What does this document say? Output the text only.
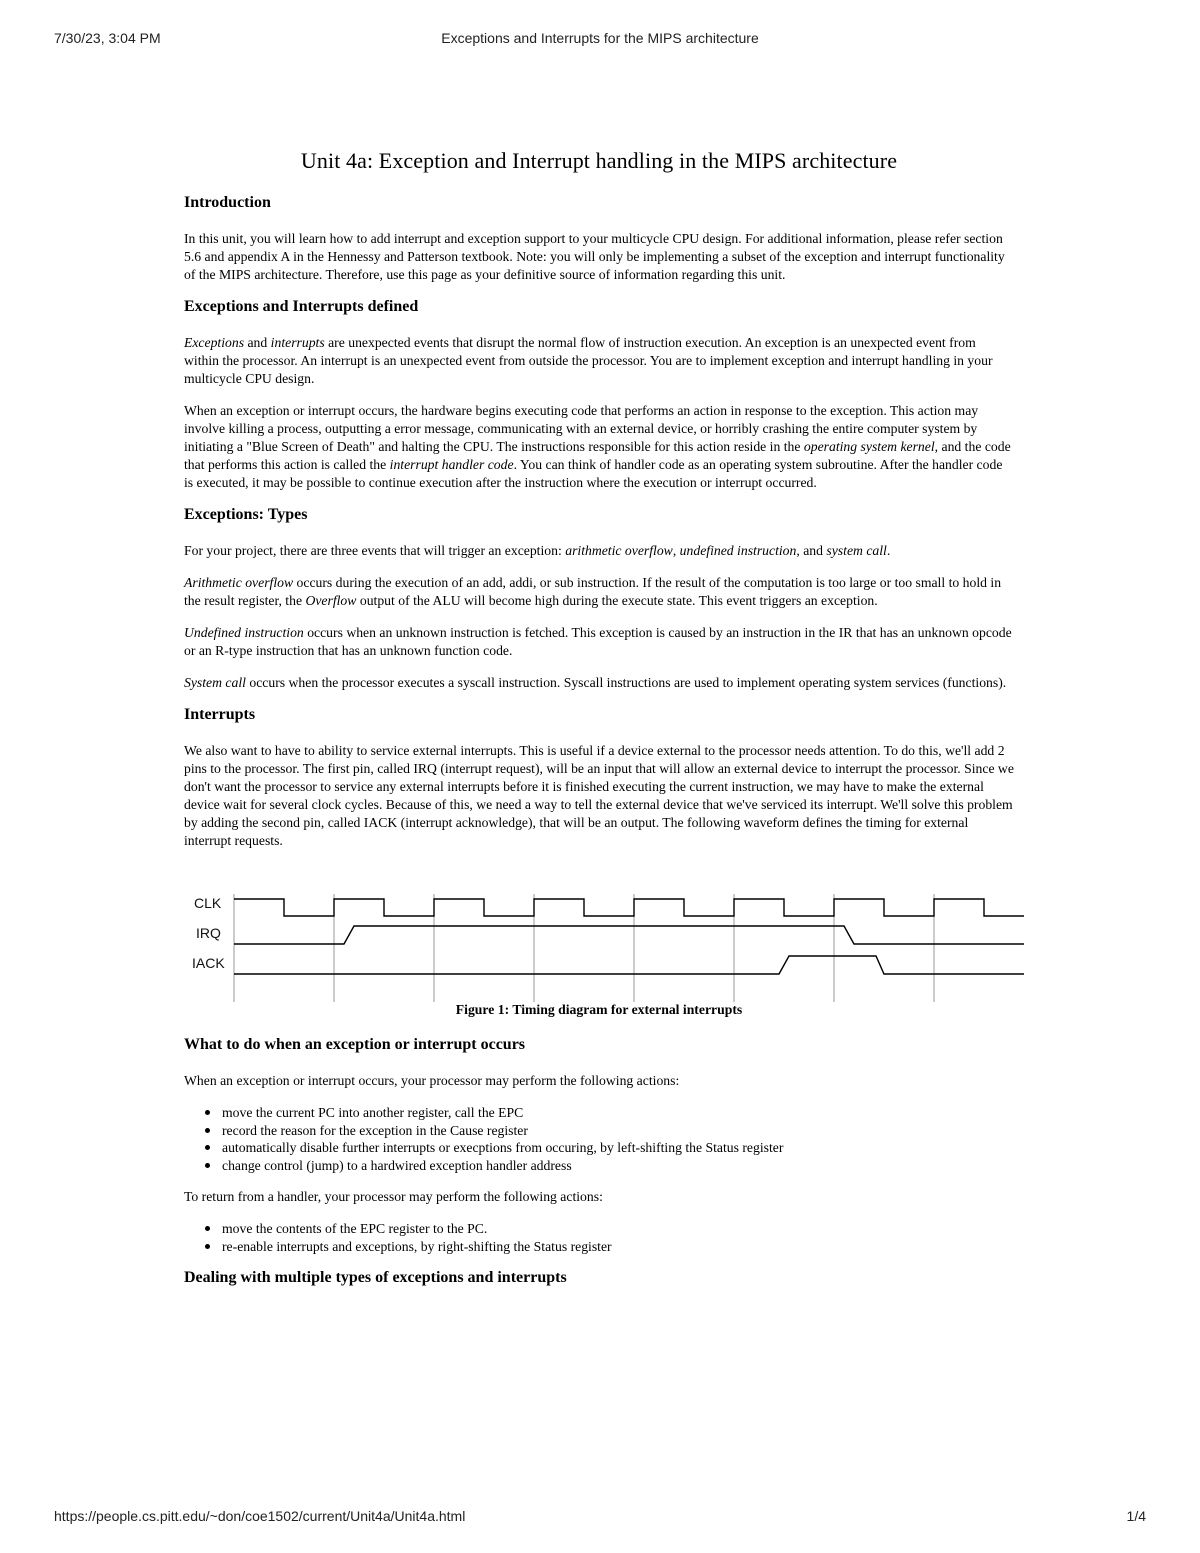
7/30/23, 3:04 PM	Exceptions and Interrupts for the MIPS architecture
Unit 4a: Exception and Interrupt handling in the MIPS architecture
Introduction

In this unit, you will learn how to add interrupt and exception support to your multicycle CPU design. For additional information, please refer section 5.6 and appendix A in the Hennessy and Patterson textbook. Note: you will only be implementing a subset of the exception and interrupt functionality of the MIPS architecture. Therefore, use this page as your definitive source of information regarding this unit.

Exceptions and Interrupts defined

Exceptions and interrupts are unexpected events that disrupt the normal flow of instruction execution. An exception is an unexpected event from within the processor. An interrupt is an unexpected event from outside the processor. You are to implement exception and interrupt handling in your multicycle CPU design.

When an exception or interrupt occurs, the hardware begins executing code that performs an action in response to the exception. This action may involve killing a process, outputting a error message, communicating with an external device, or horribly crashing the entire computer system by initiating a "Blue Screen of Death" and halting the CPU. The instructions responsible for this action reside in the operating system kernel, and the code that performs this action is called the interrupt handler code. You can think of handler code as an operating system subroutine. After the handler code is executed, it may be possible to continue execution after the instruction where the execution or interrupt occurred.

Exceptions: Types

For your project, there are three events that will trigger an exception: arithmetic overflow, undefined instruction, and system call.

Arithmetic overflow occurs during the execution of an add, addi, or sub instruction. If the result of the computation is too large or too small to hold in the result register, the Overflow output of the ALU will become high during the execute state. This event triggers an exception.

Undefined instruction occurs when an unknown instruction is fetched. This exception is caused by an instruction in the IR that has an unknown opcode or an R-type instruction that has an unknown function code.

System call occurs when the processor executes a syscall instruction. Syscall instructions are used to implement operating system services (functions).

Interrupts

We also want to have to ability to service external interrupts. This is useful if a device external to the processor needs attention. To do this, we'll add 2 pins to the processor. The first pin, called IRQ (interrupt request), will be an input that will allow an external device to interrupt the processor. Since we don't want the processor to service any external interrupts before it is finished executing the current instruction, we may have to make the external device wait for several clock cycles. Because of this, we need a way to tell the external device that we've serviced its interrupt. We'll solve this problem by adding the second pin, called IACK (interrupt acknowledge), that will be an output. The following waveform defines the timing for external interrupt requests.

CLK
IRQ
IACK
Figure 1: Timing diagram for external interrupts
What to do when an exception or interrupt occurs

When an exception or interrupt occurs, your processor may perform the following actions:

move the current PC into another register, call the EPC
record the reason for the exception in the Cause register
automatically disable further interrupts or execptions from occuring, by left-shifting the Status register
change control (jump) to a hardwired exception handler address

To return from a handler, your processor may perform the following actions:

move the contents of the EPC register to the PC.
re-enable interrupts and exceptions, by right-shifting the Status register
Dealing with multiple types of exceptions and interrupts
https://people.cs.pitt.edu/~don/coe1502/current/Unit4a/Unit4a.html	1/4
